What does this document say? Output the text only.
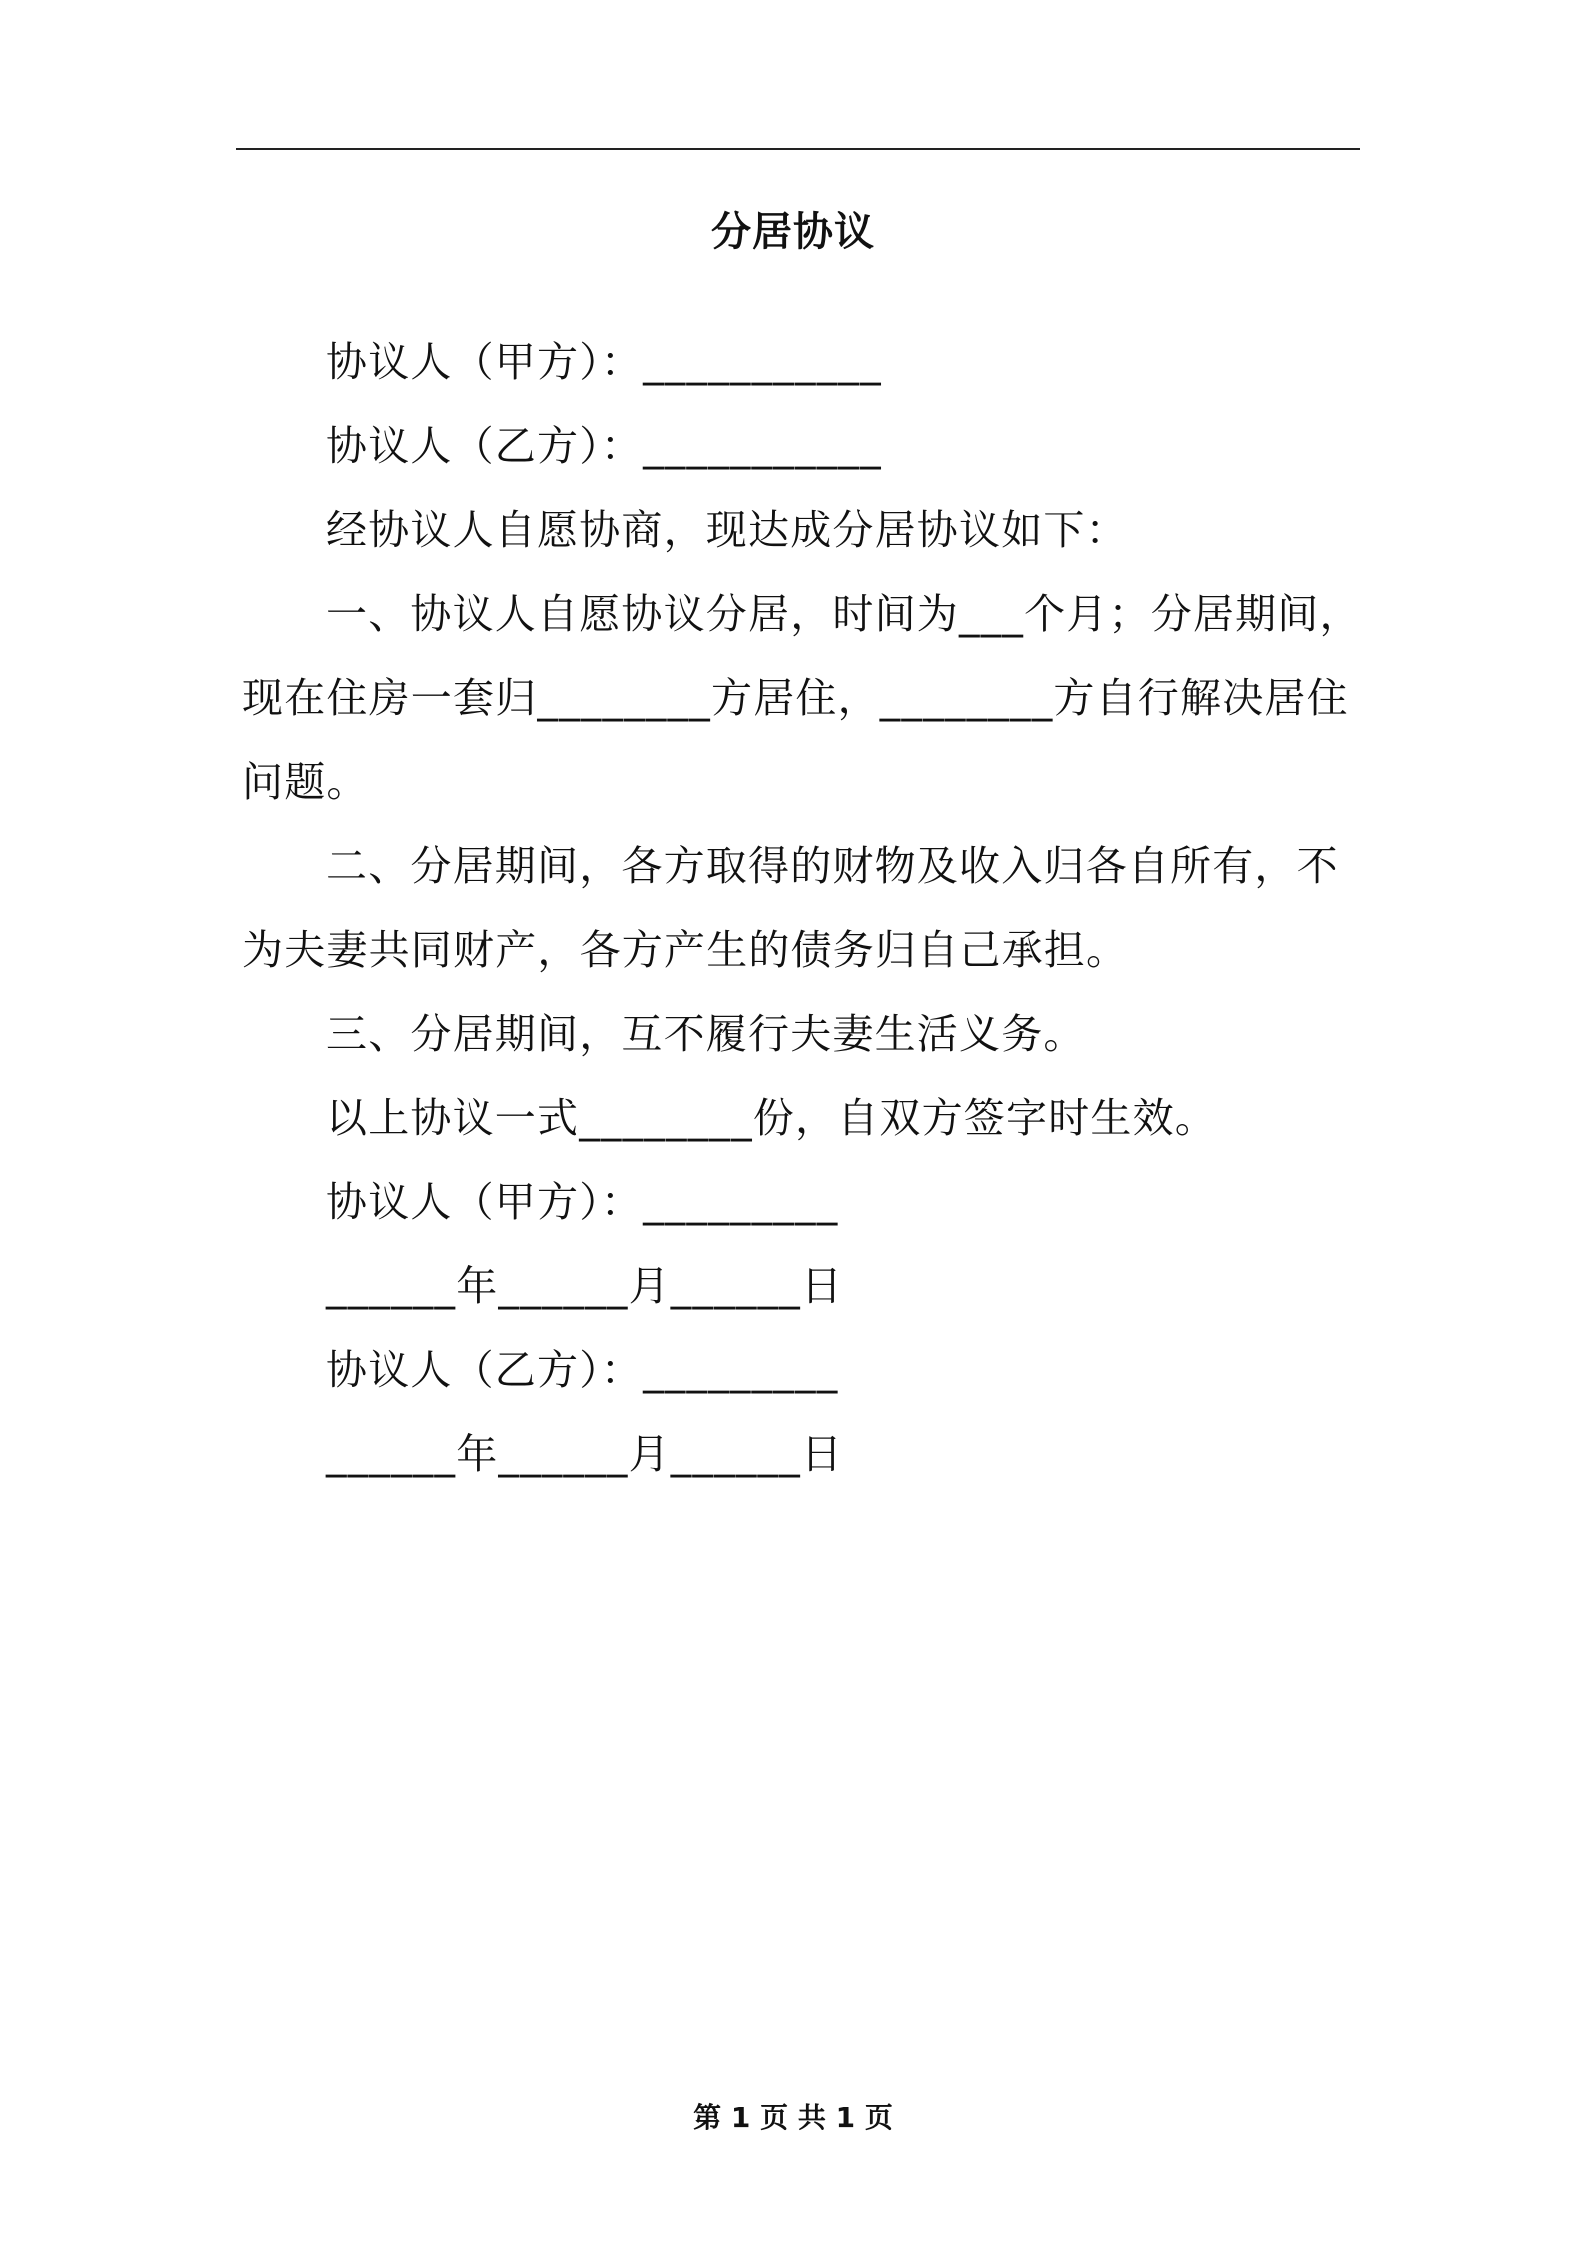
分居协议

协议人（甲方）：___________

协议人（乙方）：___________

经协议人自愿协商，现达成分居协议如下：

一、协议人自愿协议分居，时间为___个月；分居期间，现在住房一套归________方居住，________方自行解决居住问题。

二、分居期间，各方取得的财物及收入归各自所有，不为夫妻共同财产，各方产生的债务归自己承担。

三、分居期间，互不履行夫妻生活义务。

以上协议一式________份，自双方签字时生效。

协议人（甲方）：_________

______年______月______日

协议人（乙方）：_________

______年______月______日

第 1 页 共 1 页
